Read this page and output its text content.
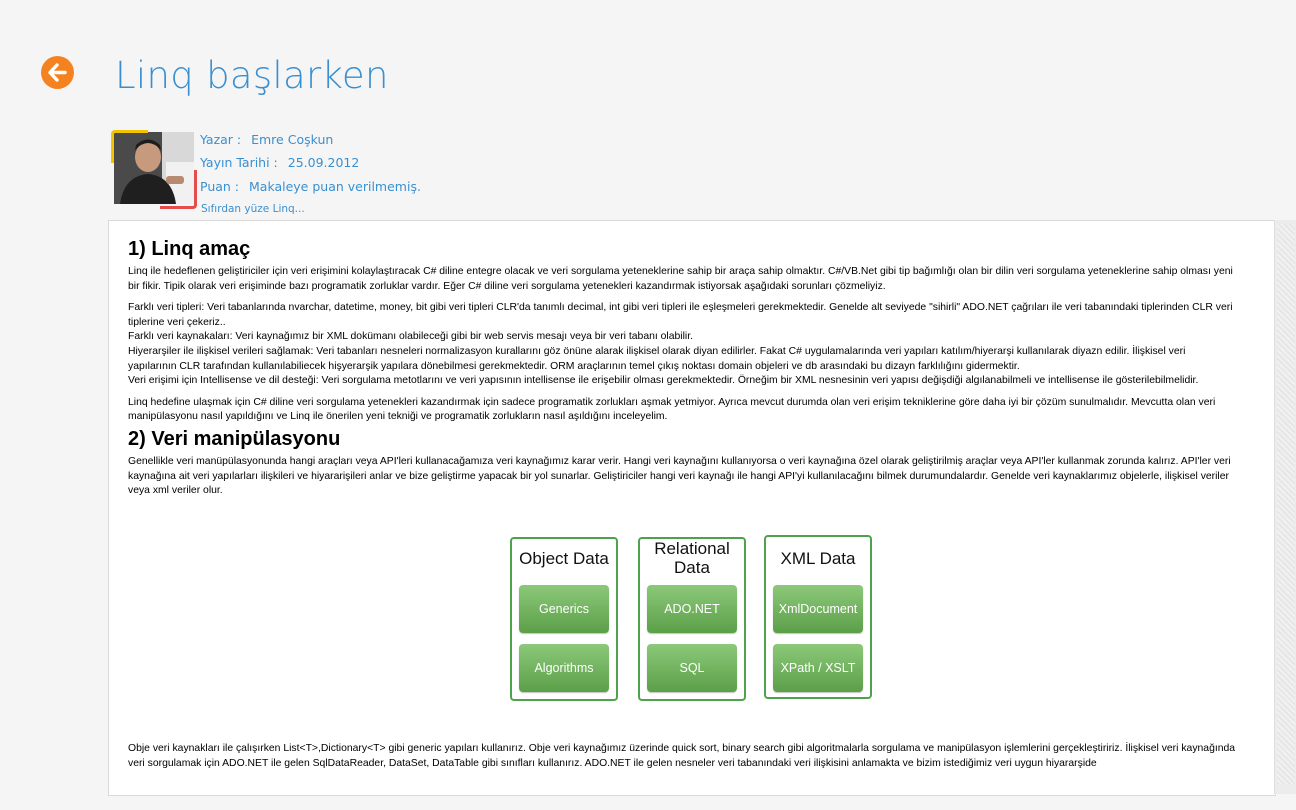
Linq başlarken
Yazar : Emre Coşkun
Yayın Tarihi : 25.09.2012
Puan : Makaleye puan verilmemiş.
Sıfırdan yüze Linq...
1) Linq amaç

Linq ile hedeflenen geliştiriciler için veri erişimini kolaylaştıracak C# diline entegre olacak ve veri sorgulama yeteneklerine sahip bir araça sahip olmaktır. C#/VB.Net gibi tip bağımlığı olan bir dilin veri sorgulama yeteneklerine sahip olması yeni bir fikir. Tipik olarak veri erişiminde bazı programatik zorluklar vardır. Eğer C# diline veri sorgulama yetenekleri kazandırmak istiyorsak aşağıdaki sorunları çözmeliyiz.

Farklı veri tipleri: Veri tabanlarında nvarchar, datetime, money, bit gibi veri tipleri CLR'da tanımlı decimal, int gibi veri tipleri ile eşleşmeleri gerekmektedir. Genelde alt seviyede "sihirli" ADO.NET çağrıları ile veri tabanındaki tiplerinden CLR veri tiplerine veri çekeriz..

Farklı veri kaynakaları: Veri kaynağımız bir XML dokümanı olabileceği gibi bir web servis mesajı veya bir veri tabanı olabilir.

Hiyerarşiler ile ilişkisel verileri sağlamak: Veri tabanları nesneleri normalizasyon kurallarını göz önüne alarak ilişkisel olarak diyan edilirler. Fakat C# uygulamalarında veri yapıları katılım/hiyerarşi kullanılarak diyazn edilir. İlişkisel veri yapılarının CLR tarafından kullanılabiliecek hişyerarşik yapılara dönebilmesi gerekmektedir. ORM araçlarının temel çıkış noktası domain objeleri ve db arasındaki bu dizayn farklılığını gidermektir.

Veri erişimi için Intellisense ve dil desteği: Veri sorgulama metotlarını ve veri yapısının intellisense ile erişebilir olması gerekmektedir. Örneğim bir XML nesnesinin veri yapısı değişdiği algılanabilmeli ve intellisense ile gösterilebilmelidir.

Linq hedefine ulaşmak için C# diline veri sorgulama yetenekleri kazandırmak için sadece programatik zorlukları aşmak yetmiyor. Ayrıca mevcut durumda olan veri erişim tekniklerine göre daha iyi bir çözüm sunulmalıdır. Mevcutta olan veri manipülasyonu nasıl yapıldığını ve Linq ile önerilen yeni tekniği ve programatik zorlukların nasıl aşıldığını inceleyelim.

2) Veri manipülasyonu

Genellikle veri manüpülasyonunda hangi araçları veya API'leri kullanacağamıza veri kaynağımız karar verir. Hangi veri kaynağını kullanıyorsa o veri kaynağına özel olarak geliştirilmiş araçlar veya API'ler kullanmak zorunda kalırız. API'ler veri kaynağına ait veri yapılarları ilişkileri ve hiyararişileri anlar ve bize geliştirme yapacak bir yol sunarlar. Geliştiriciler hangi veri kaynağı ile hangi API'yi kullanılacağını bilmek durumundalardır. Genelde veri kaynaklarımız objelerle, ilişkisel veriler veya xml veriler olur.

Object Data
Generics
Algorithms
Relational Data
ADO.NET
SQL
XML Data
XmlDocument
XPath / XSLT

Obje veri kaynakları ile çalışırken List<T>,Dictionary<T> gibi generic yapıları kullanırız. Obje veri kaynağımız üzerinde quick sort, binary search gibi algoritmalarla sorgulama ve manipülasyon işlemlerini gerçekleştiririz. İlişkisel veri kaynağında veri sorgulamak için ADO.NET ile gelen SqlDataReader, DataSet, DataTable gibi sınıfları kullanırız. ADO.NET ile gelen nesneler veri tabanındaki veri ilişkisini anlamakta ve bizim istediğimiz veri uygun hiyararşide
